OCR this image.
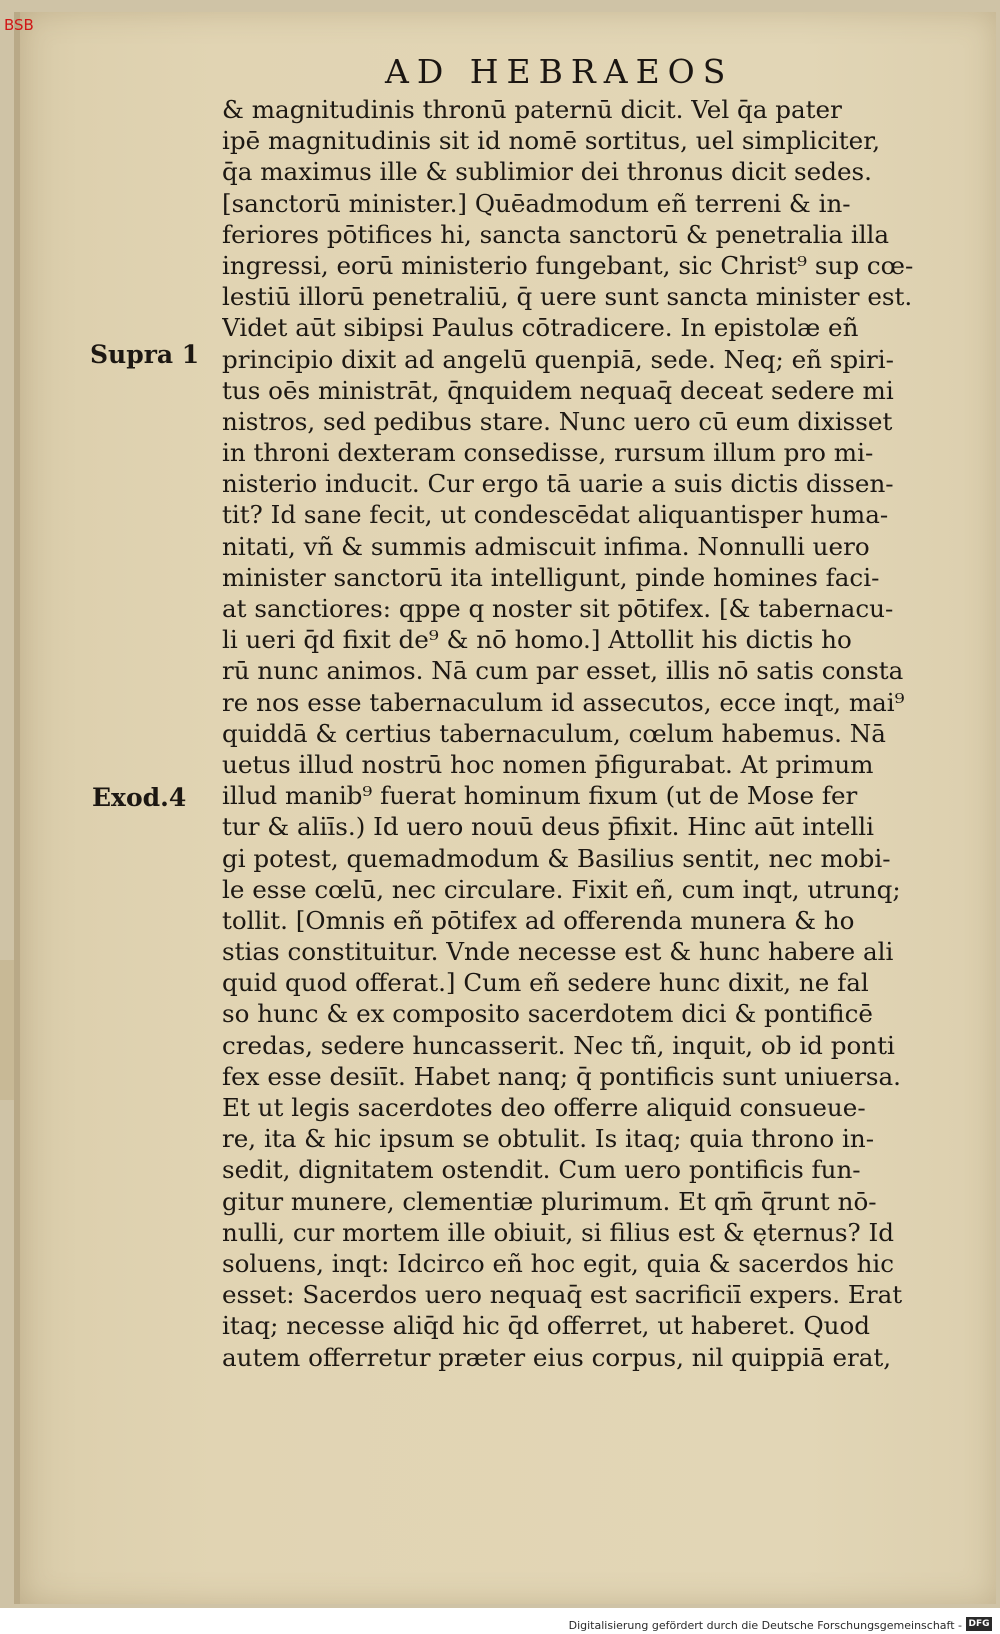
BSB
AD HEBRAEOS
Supra 1
Exod.4
& magnitudinis thronū paternū dicit. Vel q̄a pater
ipē magnitudinis sit id nomē sortitus, uel simpliciter,
q̄a maximus ille & sublimior dei thronus dicit sedes.
[sanctorū minister.] Quēadmodum eñ terreni & in-
feriores pōtifices hi, sancta sanctorū & penetralia illa
ingressi, eorū ministerio fungebant, sic Christ⁹ sup cœ-
lestiū illorū penetraliū, q̄ uere sunt sancta minister est.
Videt aūt sibipsi Paulus cōtradicere. In epistolæ eñ
principio dixit ad angelū quenpiā, sede. Neq; eñ spiri-
tus oēs ministrāt, q̄nquidem nequaq̄ deceat sedere mi
nistros, sed pedibus stare. Nunc uero cū eum dixisset
in throni dexteram consedisse, rursum illum pro mi-
nisterio inducit. Cur ergo tā uarie a suis dictis dissen-
tit? Id sane fecit, ut condescēdat aliquantisper huma-
nitati, vñ & summis admiscuit infima. Nonnulli uero
minister sanctorū ita intelligunt, pinde homines faci-
at sanctiores: qppe q noster sit pōtifex. [& tabernacu-
li ueri q̄d fixit de⁹ & nō homo.] Attollit his dictis ho
rū nunc animos. Nā cum par esset, illis nō satis consta
re nos esse tabernaculum id assecutos, ecce inqt, mai⁹
quiddā & certius tabernaculum, cœlum habemus. Nā
uetus illud nostrū hoc nomen p̄figurabat. At primum
illud manib⁹ fuerat hominum fixum (ut de Mose fer
tur & aliīs.) Id uero nouū deus p̄fixit. Hinc aūt intelli
gi potest, quemadmodum & Basilius sentit, nec mobi-
le esse cœlū, nec circulare. Fixit eñ, cum inqt, utrunq;
tollit. [Omnis eñ pōtifex ad offerenda munera & ho
stias constituitur. Vnde necesse est & hunc habere ali
quid quod offerat.] Cum eñ sedere hunc dixit, ne fal
so hunc & ex composito sacerdotem dici & pontificē
credas, sedere huncasserit. Nec tñ, inquit, ob id ponti
fex esse desiīt. Habet nanq; q̄ pontificis sunt uniuersa.
Et ut legis sacerdotes deo offerre aliquid consueue-
re, ita & hic ipsum se obtulit. Is itaq; quia throno in-
sedit, dignitatem ostendit. Cum uero pontificis fun-
gitur munere, clementiæ plurimum. Et qm̄ q̄runt nō-
nulli, cur mortem ille obiuit, si filius est & ęternus? Id
soluens, inqt: Idcirco eñ hoc egit, quia & sacerdos hic
esset: Sacerdos uero nequaq̄ est sacrificiī expers. Erat
itaq; necesse aliq̄d hic q̄d offerret, ut haberet. Quod
autem offerretur præter eius corpus, nil quippiā erat,
Digitalisierung gefördert durch die Deutsche Forschungsgemeinschaft - DFG
